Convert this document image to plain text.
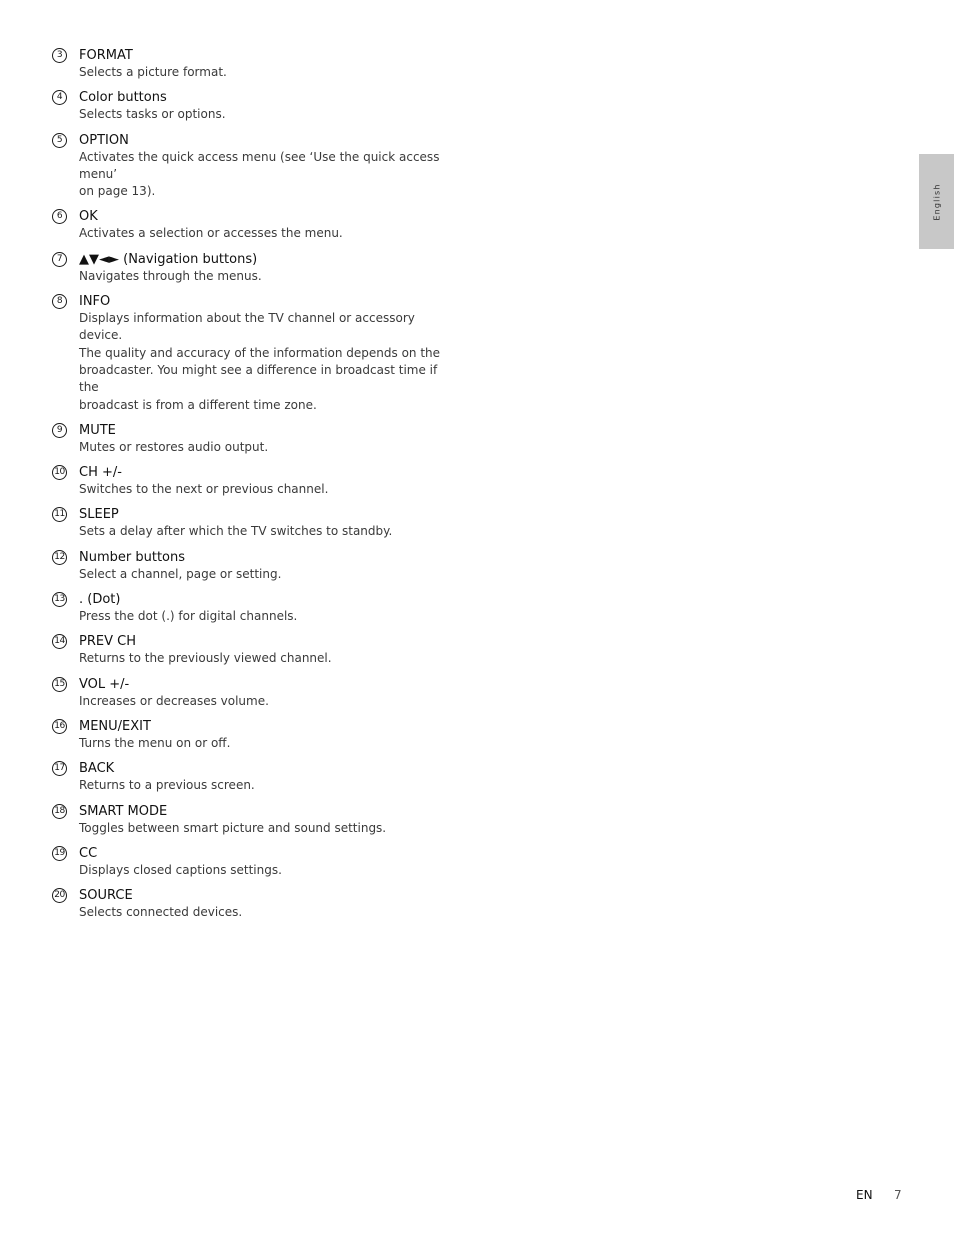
3	FORMAT
Selects a picture format.
4	Color buttons
Selects tasks or options.
5	OPTION
Activates the quick access menu (see ‘Use the quick access menu’
on page 13).
6	OK
Activates a selection or accesses the menu.
7	▲▼◄► (Navigation buttons)
Navigates through the menus.
8	INFO
Displays information about the TV channel or accessory device.
The quality and accuracy of the information depends on the
broadcaster. You might see a difference in broadcast time if the
broadcast is from a different time zone.
9	MUTE
Mutes or restores audio output.
10 CH +/-
Switches to the next or previous channel.
11 SLEEP
Sets a delay after which the TV switches to standby.
12 Number buttons
Select a channel, page or setting.
13 . (Dot)
Press the dot (.) for digital channels.
14 PREV CH
Returns to the previously viewed channel.
15 VOL +/-
Increases or decreases volume.
16 MENU/EXIT
Turns the menu on or off.
17 BACK
Returns to a previous screen.
18 SMART MODE
Toggles between smart picture and sound settings.
19 CC
Displays closed captions settings.
20 SOURCE
Selects connected devices.
English
EN 7
